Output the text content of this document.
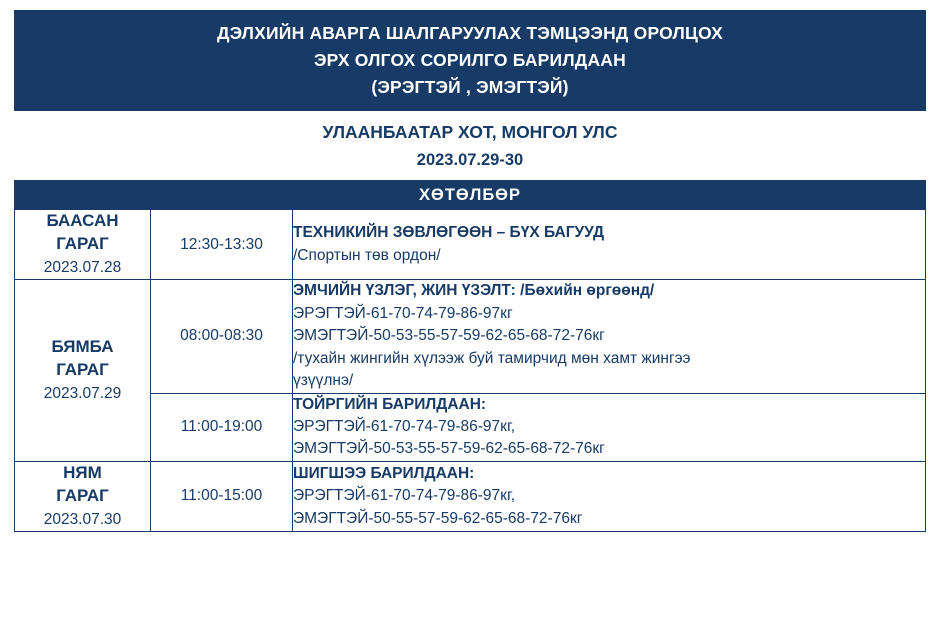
ДЭЛХИЙН АВАРГА ШАЛГАРУУЛАХ ТЭМЦЭЭНД ОРОЛЦОХ
ЭРХ ОЛГОХ СОРИЛГО БАРИЛДААН
(ЭРЭГТЭЙ , ЭМЭГТЭЙ)
УЛААНБААТАР ХОТ, МОНГОЛ УЛС
2023.07.29-30
ХӨТӨЛБӨР		

БААСАН
ГАРАГ
2023.07.28	12:30-13:30	ТЕХНИКИЙН ЗӨВЛӨГӨӨН – БҮХ БАГУУД
/Спортын төв ордон/

БЯМБА
ГАРАГ
2023.07.29	08:00-08:30	ЭМЧИЙН ҮЗЛЭГ, ЖИН ҮЗЭЛТ: /Бөхийн өргөөнд/
ЭРЭГТЭЙ-61-70-74-79-86-97кг
ЭМЭГТЭЙ-50-53-55-57-59-62-65-68-72-76кг
/тухайн жингийн хүлээж буй тамирчид мөн хамт жингээ
үзүүлнэ/

	11:00-19:00	ТОЙРГИЙН БАРИЛДААН:
ЭРЭГТЭЙ-61-70-74-79-86-97кг,
ЭМЭГТЭЙ-50-53-55-57-59-62-65-68-72-76кг

НЯМ
ГАРАГ
2023.07.30	11:00-15:00	ШИГШЭЭ БАРИЛДААН:
ЭРЭГТЭЙ-61-70-74-79-86-97кг,
ЭМЭГТЭЙ-50-55-57-59-62-65-68-72-76кг
